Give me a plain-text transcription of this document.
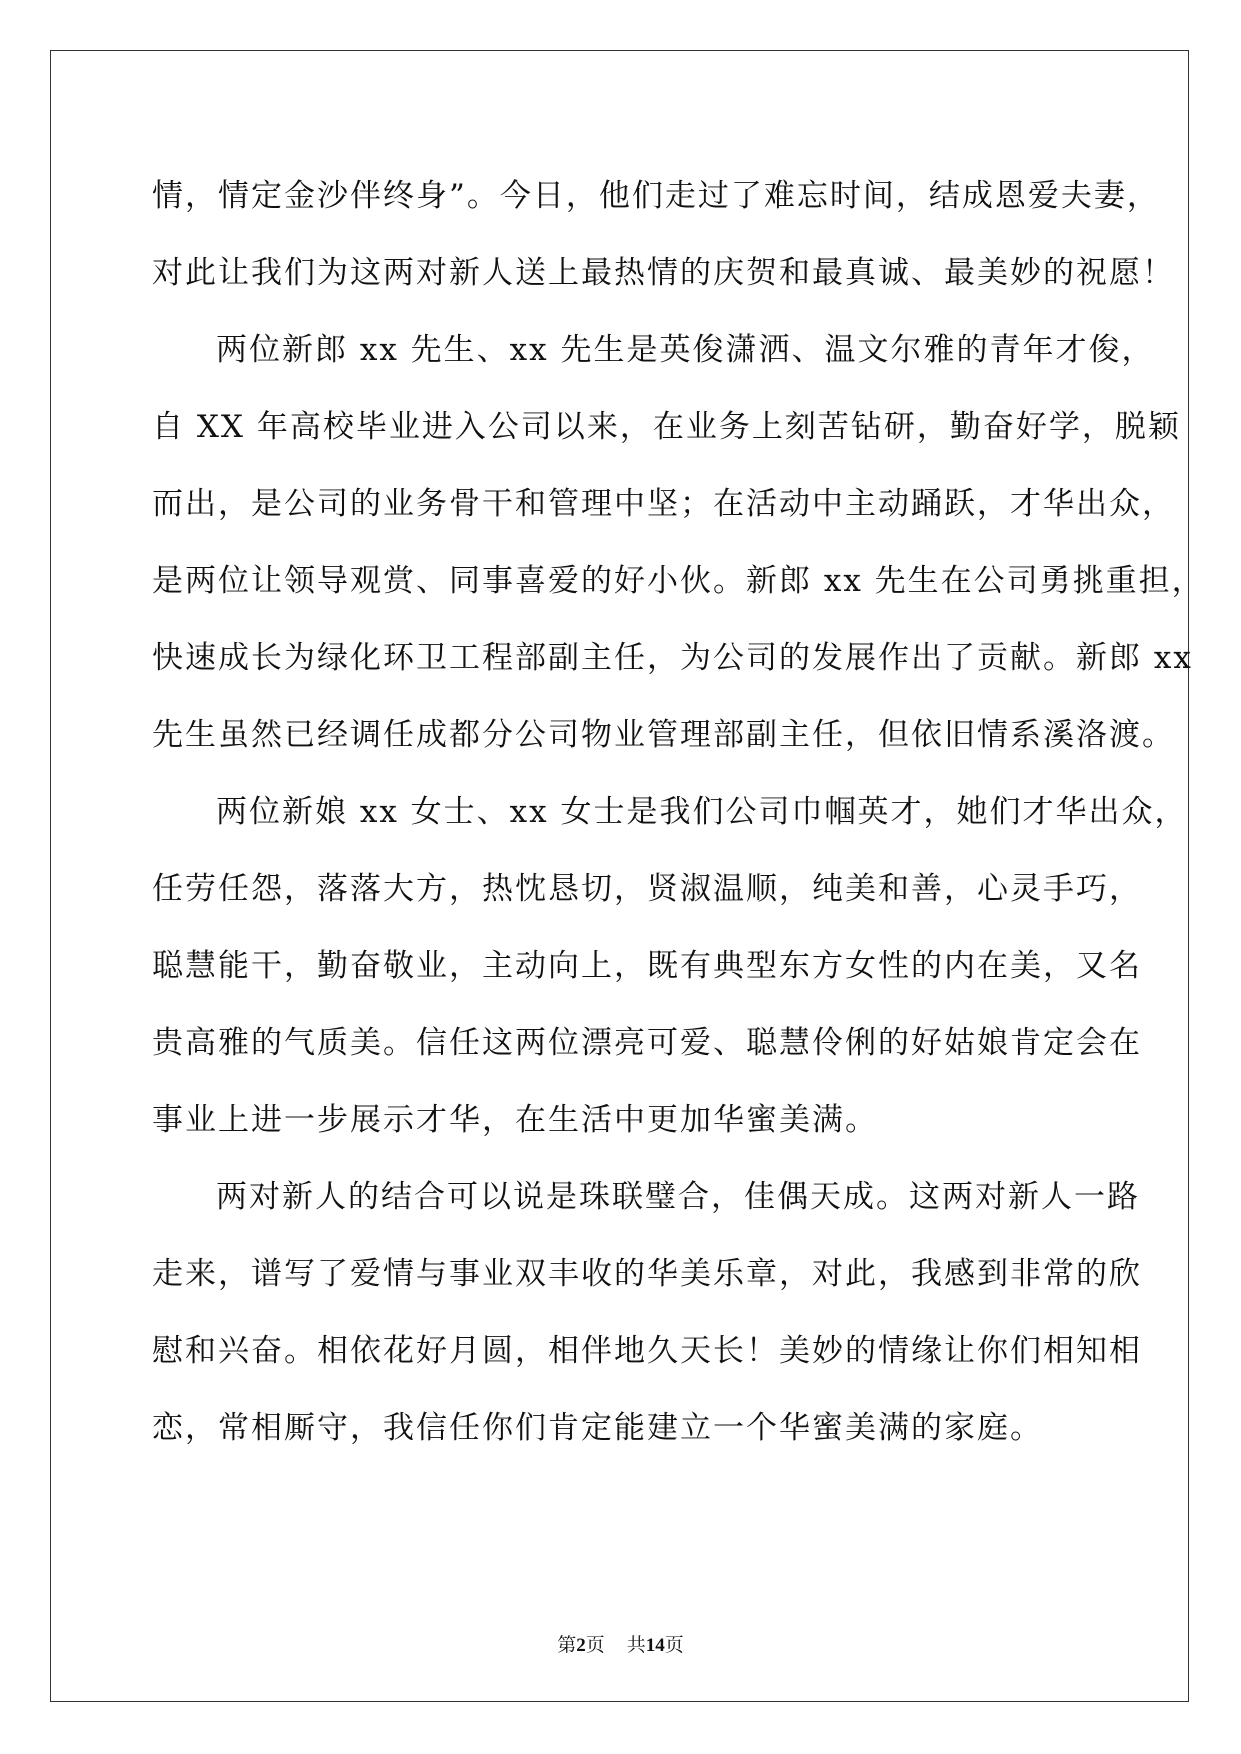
情，情定金沙伴终身”。今日，他们走过了难忘时间，结成恩爱夫妻，
对此让我们为这两对新人送上最热情的庆贺和最真诚、最美妙的祝愿！
两位新郎 xx 先生、xx 先生是英俊潇洒、温文尔雅的青年才俊，
自 XX 年高校毕业进入公司以来，在业务上刻苦钻研，勤奋好学，脱颖
而出，是公司的业务骨干和管理中坚；在活动中主动踊跃，才华出众，
是两位让领导观赏、同事喜爱的好小伙。新郎 xx 先生在公司勇挑重担，
快速成长为绿化环卫工程部副主任，为公司的发展作出了贡献。新郎 xx
先生虽然已经调任成都分公司物业管理部副主任，但依旧情系溪洛渡。
两位新娘 xx 女士、xx 女士是我们公司巾帼英才，她们才华出众，
任劳任怨，落落大方，热忱恳切，贤淑温顺，纯美和善，心灵手巧，
聪慧能干，勤奋敬业，主动向上，既有典型东方女性的内在美，又名
贵高雅的气质美。信任这两位漂亮可爱、聪慧伶俐的好姑娘肯定会在
事业上进一步展示才华，在生活中更加华蜜美满。
两对新人的结合可以说是珠联璧合，佳偶天成。这两对新人一路
走来，谱写了爱情与事业双丰收的华美乐章，对此，我感到非常的欣
慰和兴奋。相依花好月圆，相伴地久天长！美妙的情缘让你们相知相
恋，常相厮守，我信任你们肯定能建立一个华蜜美满的家庭。
第2页 共14页
